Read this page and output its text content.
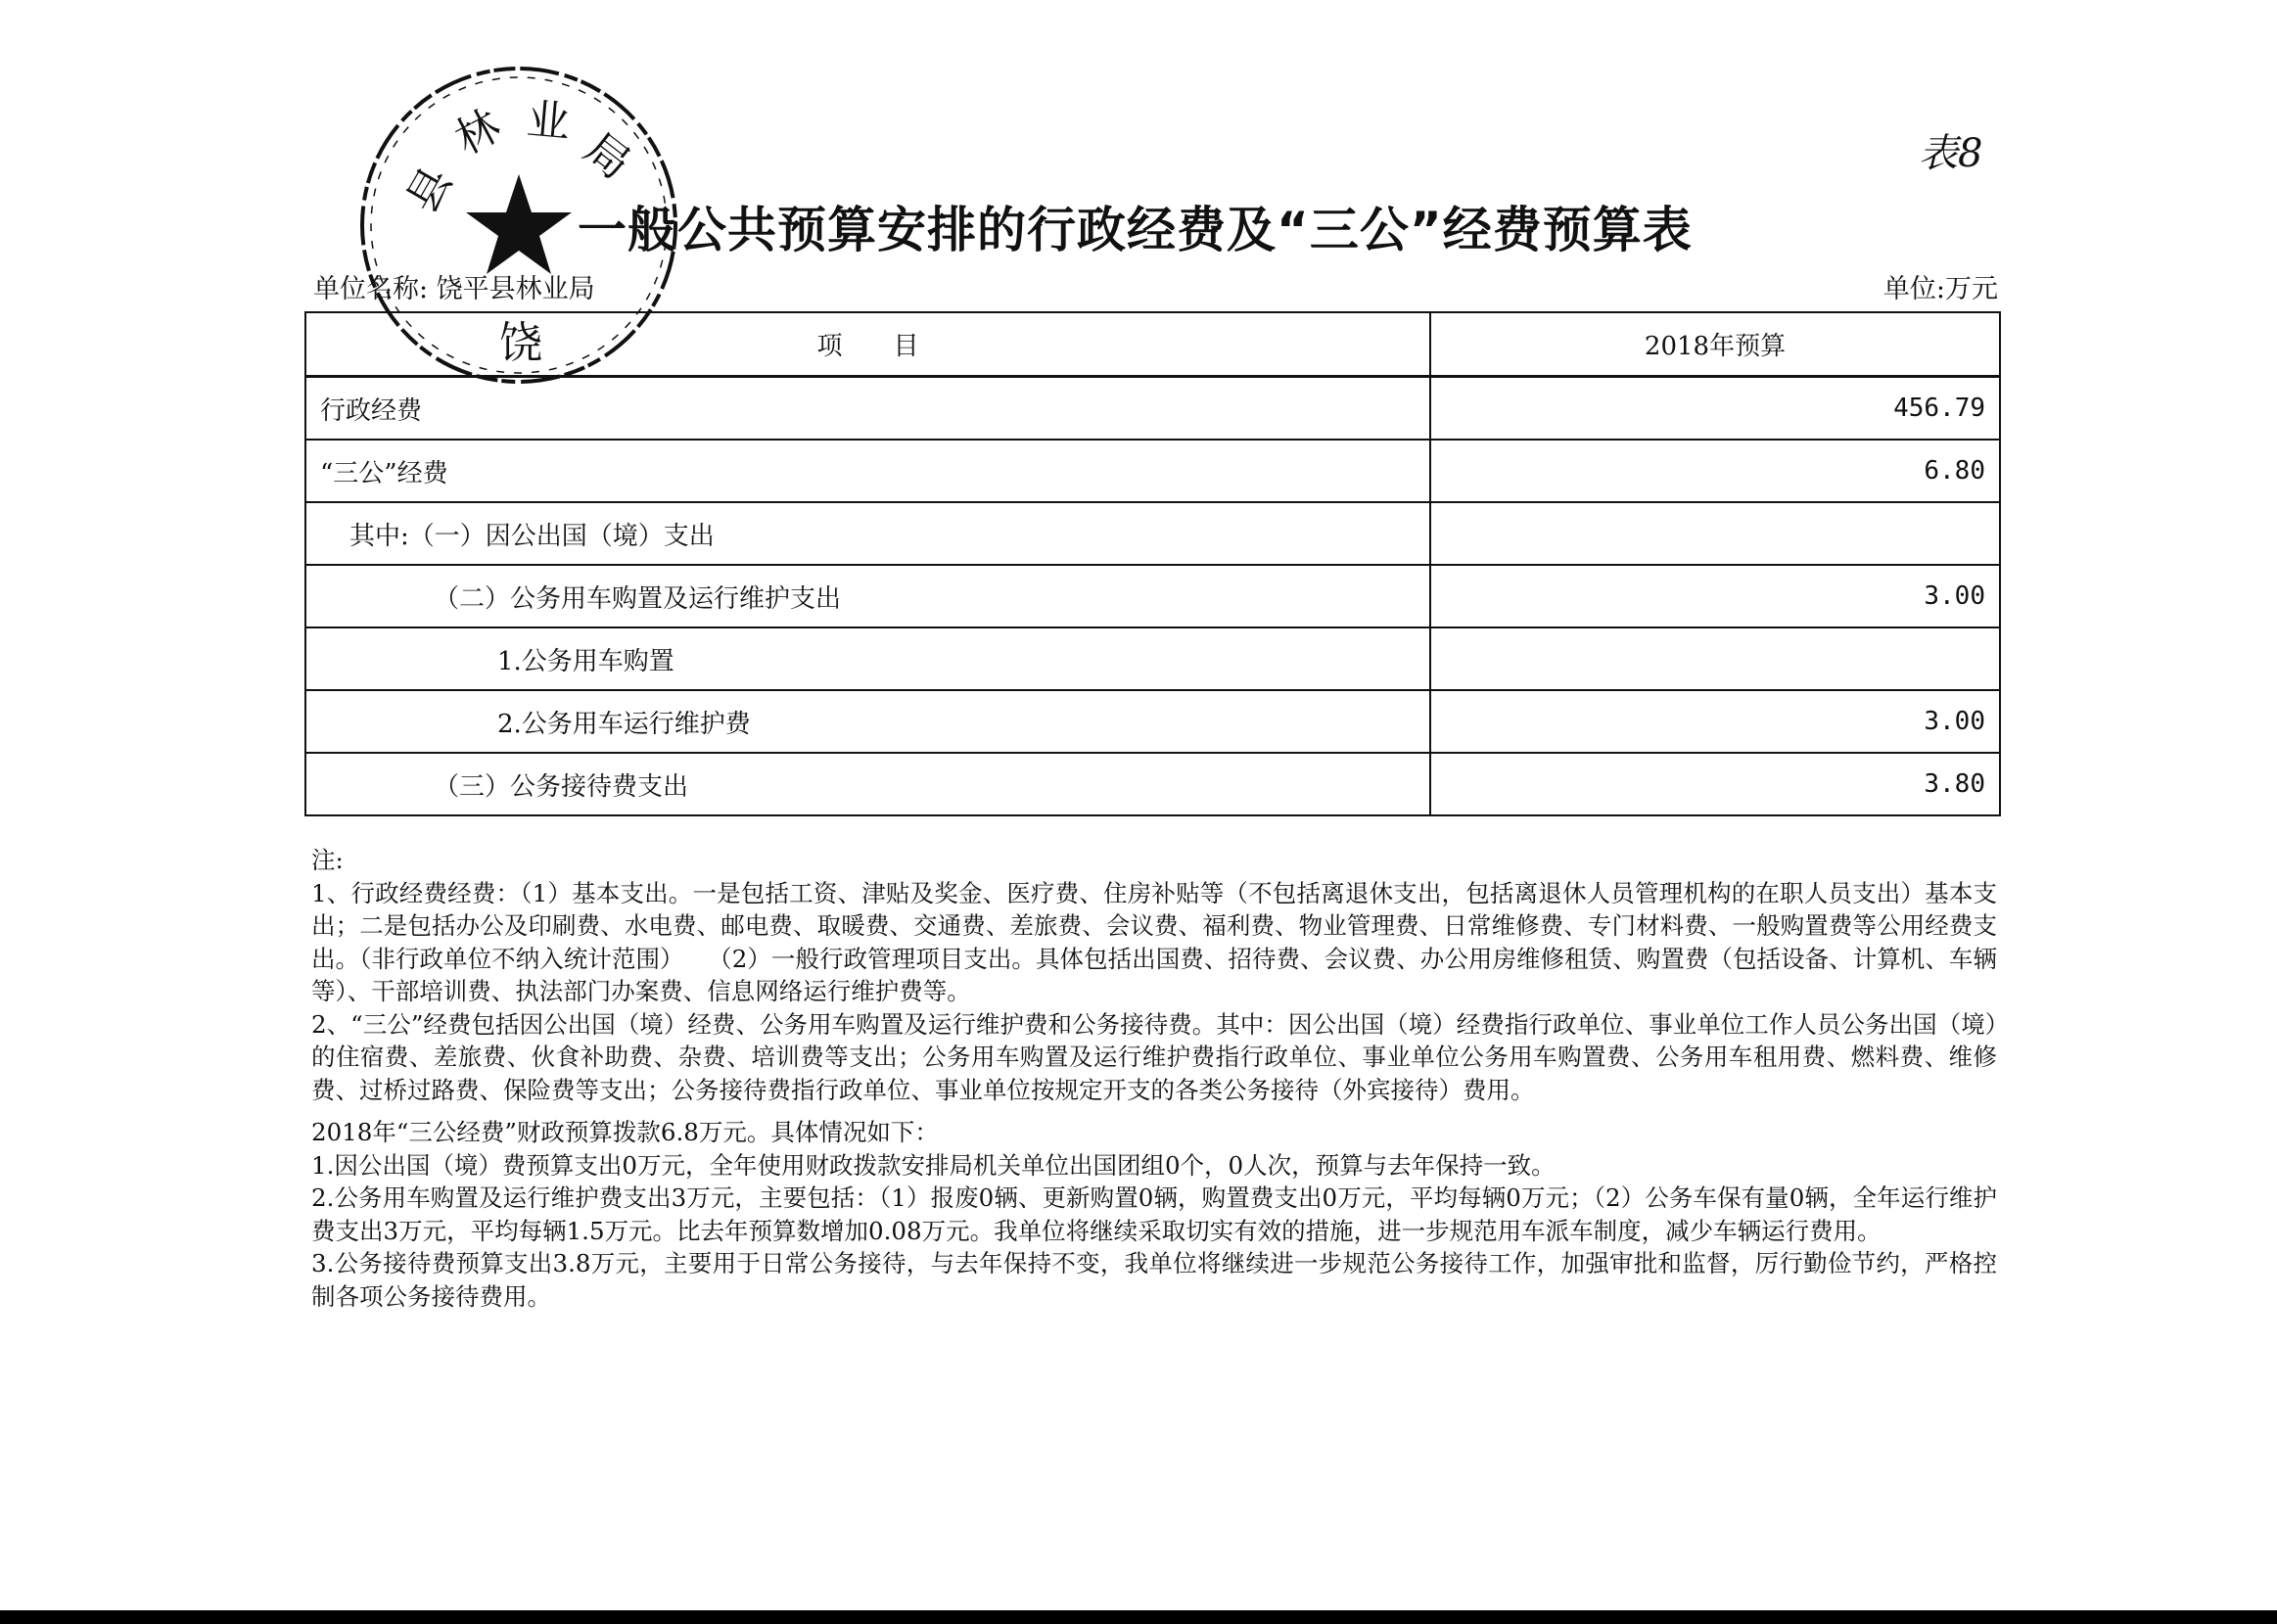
表8
县
林 业
局
饶
一般公共预算安排的行政经费及“三公”经费预算表
单位名称: 饶平县林业局	单位:万元
项　　目	2018年预算
行政经费	456.79
“三公”经费	6.80
其中:（一）因公出国（境）支出	
（二）公务用车购置及运行维护支出	3.00
1.公务用车购置	
2.公务用车运行维护费	3.00
（三）公务接待费支出	3.80

注:

1、行政经费经费：（1）基本支出。一是包括工资、津贴及奖金、医疗费、住房补贴等（不包括离退休支出，包括离退休人员管理机构的在职人员支出）基本支出；二是包括办公及印刷费、水电费、邮电费、取暖费、交通费、差旅费、会议费、福利费、物业管理费、日常维修费、专门材料费、一般购置费等公用经费支出。（非行政单位不纳入统计范围）　　（2）一般行政管理项目支出。具体包括出国费、招待费、会议费、办公用房维修租赁、购置费（包括设备、计算机、车辆等）、干部培训费、执法部门办案费、信息网络运行维护费等。

2、“三公”经费包括因公出国（境）经费、公务用车购置及运行维护费和公务接待费。其中：因公出国（境）经费指行政单位、事业单位工作人员公务出国（境）的住宿费、差旅费、伙食补助费、杂费、培训费等支出；公务用车购置及运行维护费指行政单位、事业单位公务用车购置费、公务用车租用费、燃料费、维修费、过桥过路费、保险费等支出；公务接待费指行政单位、事业单位按规定开支的各类公务接待（外宾接待）费用。

2018年“三公经费”财政预算拨款6.8万元。具体情况如下：

1.因公出国（境）费预算支出0万元，全年使用财政拨款安排局机关单位出国团组0个，0人次，预算与去年保持一致。

2.公务用车购置及运行维护费支出3万元，主要包括：（1）报废0辆、更新购置0辆，购置费支出0万元，平均每辆0万元；（2）公务车保有量0辆，全年运行维护费支出3万元，平均每辆1.5万元。比去年预算数增加0.08万元。我单位将继续采取切实有效的措施，进一步规范用车派车制度，减少车辆运行费用。

3.公务接待费预算支出3.8万元，主要用于日常公务接待，与去年保持不变，我单位将继续进一步规范公务接待工作，加强审批和监督，厉行勤俭节约，严格控制各项公务接待费用。
